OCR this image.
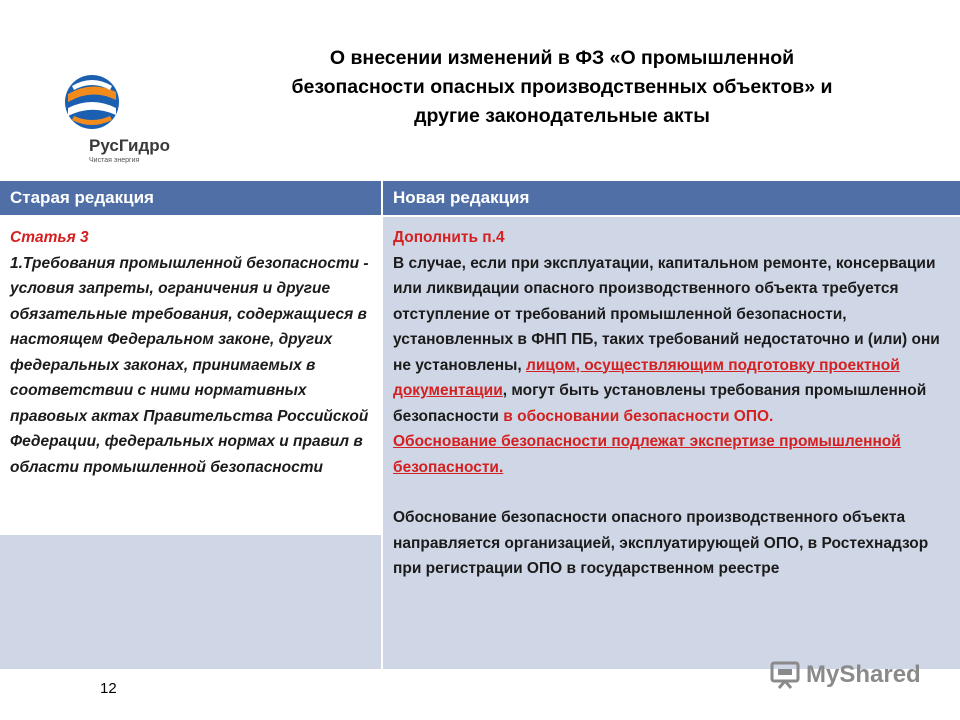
РусГидро
Чистая энергия
О внесении изменений в ФЗ «О промышленной безопасности опасных производственных объектов» и другие законодательные акты
Старая редакция	Новая редакция

Статья 3

1.Требования промышленной безопасности - условия запреты, ограничения и другие обязательные требования, содержащиеся в настоящем Федеральном законе, других федеральных законах, принимаемых в соответствии с ними нормативных правовых актах Правительства Российской Федерации, федеральных нормах и правил в области промышленной безопасности

Дополнить п.4

В случае, если при эксплуатации, капитальном ремонте, консервации или ликвидации опасного производственного объекта требуется отступление от требований промышленной безопасности, установленных в ФНП ПБ, таких требований недостаточно и (или) они не установлены, лицом, осуществляющим подготовку проектной документации, могут быть установлены требования промышленной безопасности в обосновании безопасности ОПО.

Обоснование безопасности подлежат экспертизе промышленной безопасности.

Обоснование безопасности опасного производственного объекта направляется организацией, эксплуатирующей ОПО, в Ростехнадзор при регистрации ОПО в государственном реестре

12
MyShared
